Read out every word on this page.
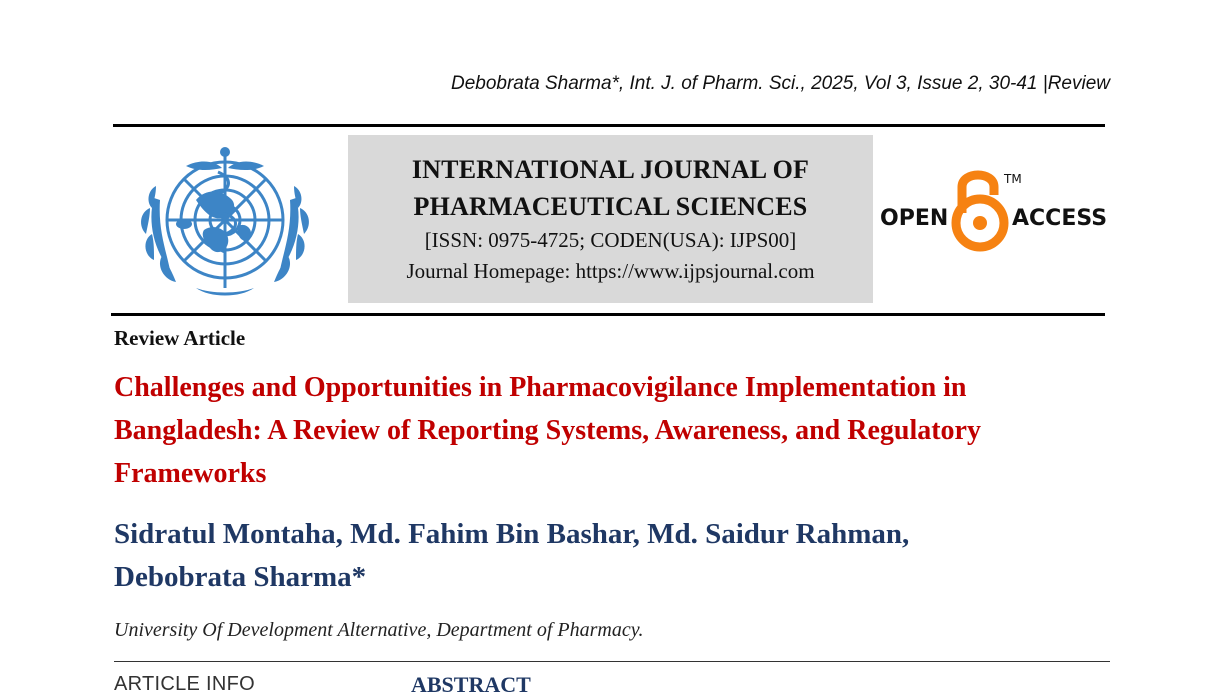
Debobrata Sharma*, Int. J. of Pharm. Sci., 2025, Vol 3, Issue 2, 30-41 |Review
INTERNATIONAL JOURNAL OF
PHARMACEUTICAL SCIENCES
[ISSN: 0975-4725; CODEN(USA): IJPS00]
Journal Homepage: https://www.ijpsjournal.com
OPEN	ACCESS
TM
Review Article
Challenges and Opportunities in Pharmacovigilance Implementation in Bangladesh: A Review of Reporting Systems, Awareness, and Regulatory Frameworks
Sidratul Montaha, Md. Fahim Bin Bashar, Md. Saidur Rahman,
Debobrata Sharma*
University Of Development Alternative, Department of Pharmacy.
ARTICLE INFO	ABSTRACT
